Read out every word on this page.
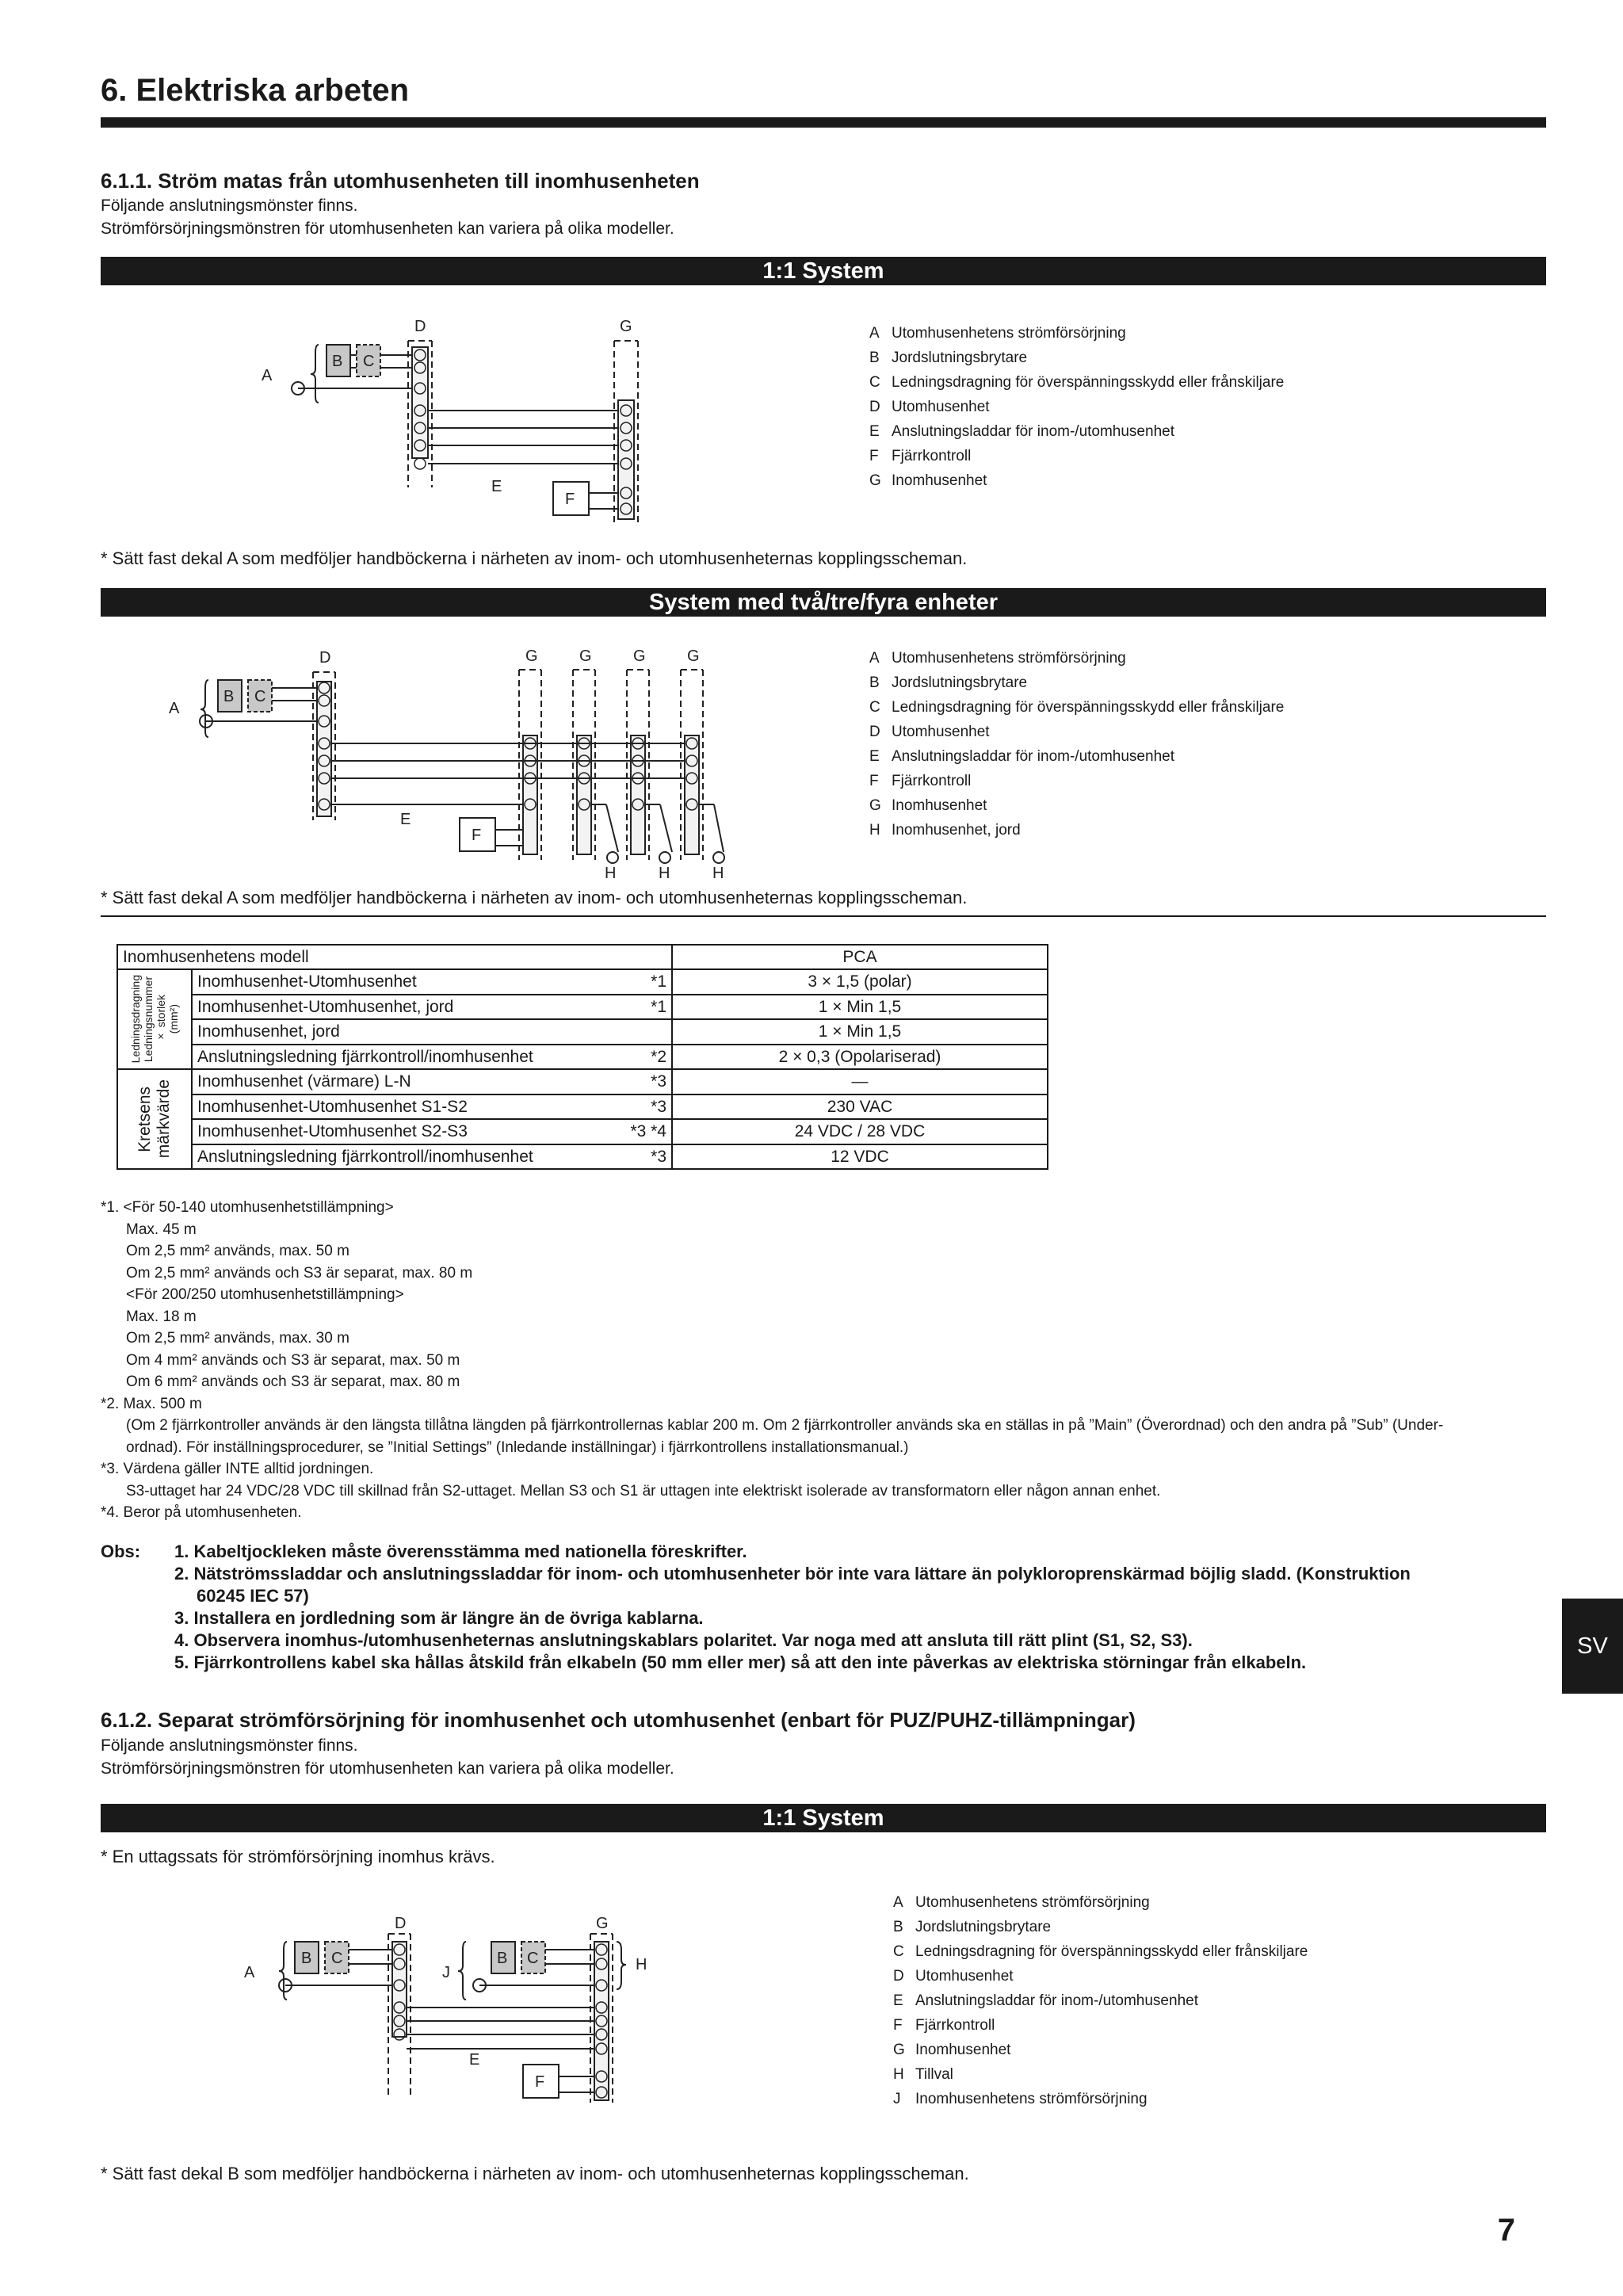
6. Elektriska arbeten
6.1.1. Ström matas från utomhusenheten till inomhusenheten
Följande anslutningsmönster finns.
Strömförsörjningsmönstren för utomhusenheten kan variera på olika modeller.
1:1 System
A
B C
D	G
E
F
A Utomhusenhetens strömförsörjning
B Jordslutningsbrytare
C Ledningsdragning för överspänningsskydd eller frånskiljare
D Utomhusenhet
E Anslutningsladdar för inom-/utomhusenhet
F Fjärrkontroll
G Inomhusenhet
* Sätt fast dekal A som medföljer handböckerna i närheten av inom- och utomhusenheternas kopplingsscheman.
System med två/tre/fyra enheter
A
B C
D	G	G	G	G
E
F
H	H	H
A Utomhusenhetens strömförsörjning
B Jordslutningsbrytare
C Ledningsdragning för överspänningsskydd eller frånskiljare
D Utomhusenhet
E Anslutningsladdar för inom-/utomhusenhet
F Fjärrkontroll
G Inomhusenhet
H Inomhusenhet, jord
* Sätt fast dekal A som medföljer handböckerna i närheten av inom- och utomhusenheternas kopplingsscheman.
Inomhusenhetens modell			PCA

Ledningsdragning Ledningsnummer × storlek (mm²)	Inomhusenhet-Utomhusenhet	*1	3 × 1,5 (polar)
	Inomhusenhet-Utomhusenhet, jord	*1	1 × Min 1,5
	Inomhusenhet, jord		1 × Min 1,5
	Anslutningsledning fjärrkontroll/inomhusenhet	*2	2 × 0,3 (Opolariserad)

Kretsens märkvärde	Inomhusenhet (värmare) L-N	*3	—
	Inomhusenhet-Utomhusenhet S1-S2	*3	230 VAC
	Inomhusenhet-Utomhusenhet S2-S3	*3 *4	24 VDC / 28 VDC
	Anslutningsledning fjärrkontroll/inomhusenhet	*3	12 VDC
*1. <För 50-140 utomhusenhetstillämpning>
Max. 45 m
Om 2,5 mm² används, max. 50 m
Om 2,5 mm² används och S3 är separat, max. 80 m
<För 200/250 utomhusenhetstillämpning>
Max. 18 m
Om 2,5 mm² används, max. 30 m
Om 4 mm² används och S3 är separat, max. 50 m
Om 6 mm² används och S3 är separat, max. 80 m
*2. Max. 500 m
(Om 2 fjärrkontroller används är den längsta tillåtna längden på fjärrkontrollernas kablar 200 m. Om 2 fjärrkontroller används ska en ställas in på ”Main” (Överordnad) och den andra på ”Sub” (Under-
ordnad). För inställningsprocedurer, se ”Initial Settings” (Inledande inställningar) i fjärrkontrollens installationsmanual.)
*3. Värdena gäller INTE alltid jordningen.
S3-uttaget har 24 VDC/28 VDC till skillnad från S2-uttaget. Mellan S3 och S1 är uttagen inte elektriskt isolerade av transformatorn eller någon annan enhet.
*4. Beror på utomhusenheten.
Obs: 1. Kabeltjockleken måste överensstämma med nationella föreskrifter.
2. Nätströmssladdar och anslutningssladdar för inom- och utomhusenheter bör inte vara lättare än polykloroprenskärmad böjlig sladd. (Konstruktion
60245 IEC 57)
3. Installera en jordledning som är längre än de övriga kablarna.
4. Observera inomhus-/utomhusenheternas anslutningskablars polaritet. Var noga med att ansluta till rätt plint (S1, S2, S3).
5. Fjärrkontrollens kabel ska hållas åtskild från elkabeln (50 mm eller mer) så att den inte påverkas av elektriska störningar från elkabeln.
SV
6.1.2. Separat strömförsörjning för inomhusenhet och utomhusenhet (enbart för PUZ/PUHZ-tillämpningar)
Följande anslutningsmönster finns.
Strömförsörjningsmönstren för utomhusenheten kan variera på olika modeller.
1:1 System
* En uttagssats för strömförsörjning inomhus krävs.
A
B C
D
J
B C
G
H
E
F
A Utomhusenhetens strömförsörjning
B Jordslutningsbrytare
C Ledningsdragning för överspänningsskydd eller frånskiljare
D Utomhusenhet
E Anslutningsladdar för inom-/utomhusenhet
F Fjärrkontroll
G Inomhusenhet
H Tillval
J Inomhusenhetens strömförsörjning
* Sätt fast dekal B som medföljer handböckerna i närheten av inom- och utomhusenheternas kopplingsscheman.
7
